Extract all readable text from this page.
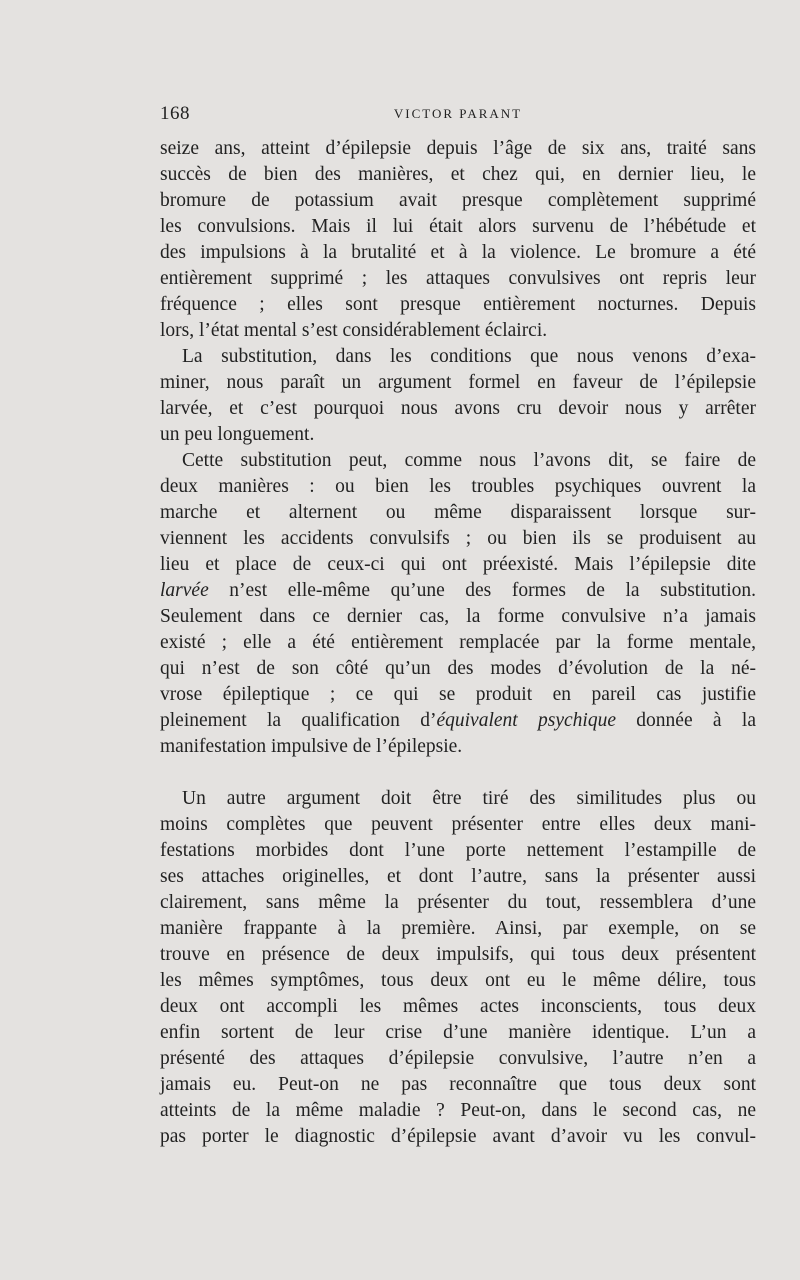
168	VICTOR PARANT
seize ans, atteint d’épilepsie depuis l’âge de six ans, traité sans
succès de bien des manières, et chez qui, en dernier lieu, le
bromure de potassium avait presque complètement supprimé
les convulsions. Mais il lui était alors survenu de l’hébétude et
des impulsions à la brutalité et à la violence. Le bromure a été
entièrement supprimé ; les attaques convulsives ont repris leur
fréquence ; elles sont presque entièrement nocturnes. Depuis
lors, l’état mental s’est considérablement éclairci.
La substitution, dans les conditions que nous venons d’exa-
miner, nous paraît un argument formel en faveur de l’épilepsie
larvée, et c’est pourquoi nous avons cru devoir nous y arrêter
un peu longuement.
Cette substitution peut, comme nous l’avons dit, se faire de
deux manières : ou bien les troubles psychiques ouvrent la
marche et alternent ou même disparaissent lorsque sur-
viennent les accidents convulsifs ; ou bien ils se produisent au
lieu et place de ceux-ci qui ont préexisté. Mais l’épilepsie dite
larvée n’est elle-même qu’une des formes de la substitution.
Seulement dans ce dernier cas, la forme convulsive n’a jamais
existé ; elle a été entièrement remplacée par la forme mentale,
qui n’est de son côté qu’un des modes d’évolution de la né-
vrose épileptique ; ce qui se produit en pareil cas justifie
pleinement la qualification d’équivalent psychique donnée à la
manifestation impulsive de l’épilepsie.
Un autre argument doit être tiré des similitudes plus ou
moins complètes que peuvent présenter entre elles deux mani-
festations morbides dont l’une porte nettement l’estampille de
ses attaches originelles, et dont l’autre, sans la présenter aussi
clairement, sans même la présenter du tout, ressemblera d’une
manière frappante à la première. Ainsi, par exemple, on se
trouve en présence de deux impulsifs, qui tous deux présentent
les mêmes symptômes, tous deux ont eu le même délire, tous
deux ont accompli les mêmes actes inconscients, tous deux
enfin sortent de leur crise d’une manière identique. L’un a
présenté des attaques d’épilepsie convulsive, l’autre n’en a
jamais eu. Peut-on ne pas reconnaître que tous deux sont
atteints de la même maladie ? Peut-on, dans le second cas, ne
pas porter le diagnostic d’épilepsie avant d’avoir vu les convul-
